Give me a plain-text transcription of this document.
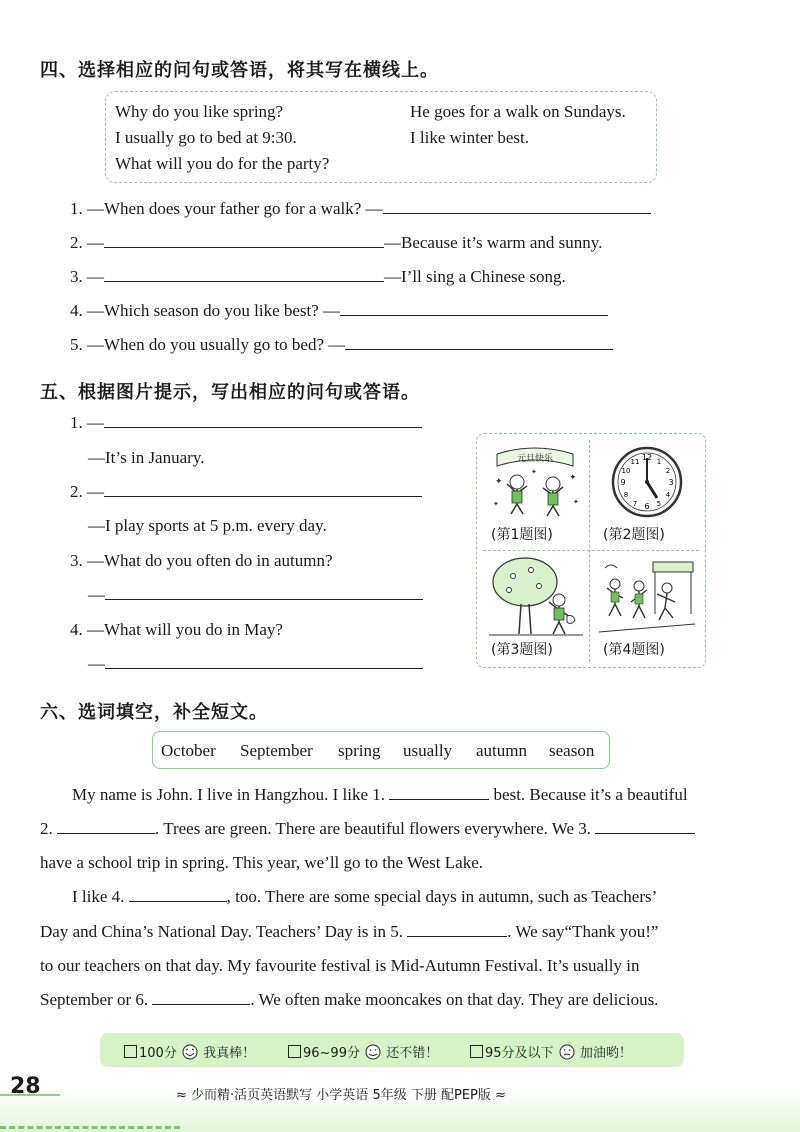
四、选择相应的问句或答语，将其写在横线上。
Why do you like spring?	He goes for a walk on Sundays.
I usually go to bed at 9:30.	I like winter best.
What will you do for the party?
1. —When does your father go for a walk? —
2. —	—Because it’s warm and sunny.
3. —	—I’ll sing a Chinese song.
4. —Which season do you like best? —
5. —When do you usually go to bed? —
五、根据图片提示，写出相应的问句或答语。
1. —
—It’s in January.
2. —
—I play sports at 5 p.m. every day.
3. —What do you often do in autumn?
—
4. —What will you do in May?
—
元旦快乐
✦	✦
✦
✦
✦
(第1题图)
12
3
6
9
1
2
4
5
7
8
10
11
(第2题图)
(第3题图)	(第4题图)
六、选词填空，补全短文。
October September spring usually autumn season
My name is John. I live in Hangzhou. I like 1.	best. Because it’s a beautiful
2.	. Trees are green. There are beautiful flowers everywhere. We 3.
have a school trip in spring. This year, we’ll go to the West Lake.
I like 4.	, too. There are some special days in autumn, such as Teachers’
Day and China’s National Day. Teachers’ Day is in 5.	. We say“Thank you!”
to our teachers on that day. My favourite festival is Mid-Autumn Festival. It’s usually in
September or 6.	. We often make mooncakes on that day. They are delicious.
100分 我真棒！	96~99分 还不错！	95分及以下 加油哟！
28	≈ 少而精·活页英语默写 小学英语 5年级 下册 配PEP版 ≈
